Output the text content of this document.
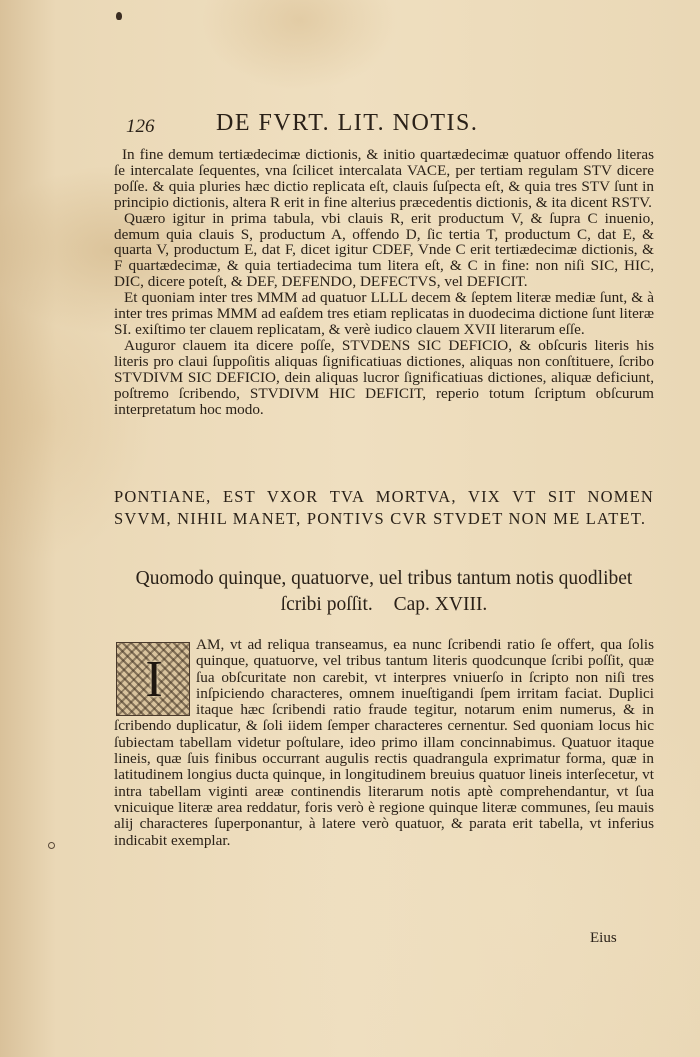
126	DE FVRT. LIT. NOTIS.

In fine demum tertiædecimæ dictionis, & initio quartædecimæ quatuor offendo literas ſe intercalate ſequentes, vna ſcilicet intercalata VACE, per tertiam regulam STV dicere poſſe. & quia pluries hæc dictio replicata eſt, clauis ſuſpecta eſt, & quia tres STV ſunt in principio dictionis, altera R erit in fine alterius præcedentis dictionis, & ita dicent RSTV.

Quæro igitur in prima tabula, vbi clauis R, erit productum V, & ſupra C inuenio, demum quia clauis S, productum A, offendo D, ſic tertia T, productum C, dat E, & quarta V, productum E, dat F, dicet igitur CDEF, Vnde C erit tertiædecimæ dictionis, & F quartædecimæ, & quia tertiadecima tum litera eſt, & C in fine: non niſi SIC, HIC, DIC, dicere poteſt, & DEF, DEFENDO, DEFECTVS, vel DEFICIT.

Et quoniam inter tres MMM ad quatuor LLLL decem & ſeptem literæ mediæ ſunt, & à inter tres primas MMM ad eaſdem tres etiam replicatas in duodecima dictione ſunt literæ SI. exiſtimo ter clauem replicatam, & verè iudico clauem XVII literarum eſſe.

Auguror clauem ita dicere poſſe, STVDENS SIC DEFICIO, & obſcuris literis his literis pro claui ſuppoſitis aliquas ſignificatiuas dictiones, aliquas non conſtituere, ſcribo STVDIVM SIC DEFICIO, dein aliquas lucror ſignificatiuas dictiones, aliquæ deficiunt, poſtremo ſcribendo, STVDIVM HIC DEFICIT, reperio totum ſcriptum obſcurum interpretatum hoc modo.

PONTIANE, EST VXOR TVA MORTVA, VIX VT SIT NOMEN SVVM, NIHIL MANET, PONTIVS CVR STVDET NON ME LATET.
Quomodo quinque, quatuorve, uel tribus tantum notis quodlibet ſcribi poſſit. Cap. XVIII.
I
AM, vt ad reliqua transeamus, ea nunc ſcribendi ratio ſe offert, qua ſolis quinque, quatuorve, vel tribus tantum literis quodcunque ſcribi poſſit, quæ ſua obſcuritate non carebit, vt interpres vniuerſo in ſcripto non niſi tres inſpiciendo characteres, omnem inueſtigandi ſpem irritam faciat. Duplici itaque hæc ſcribendi ratio fraude tegitur, notarum enim numerus, & in ſcribendo duplicatur, & ſoli iidem ſemper characteres cernentur. Sed quoniam locus hic ſubiectam tabellam videtur poſtulare, ideo primo illam concinnabimus. Quatuor itaque lineis, quæ ſuis finibus occurrant augulis rectis quadrangula exprimatur forma, quæ in latitudinem longius ducta quinque, in longitudinem breuius quatuor lineis interſecetur, vt intra tabellam viginti areæ continendis literarum notis aptè comprehendantur, vt ſua vnicuique literæ area reddatur, foris verò è regione quinque literæ communes, ſeu mauis alij characteres ſuperponantur, à latere verò quatuor, & parata erit tabella, vt inferius indicabit exemplar.
Eius
